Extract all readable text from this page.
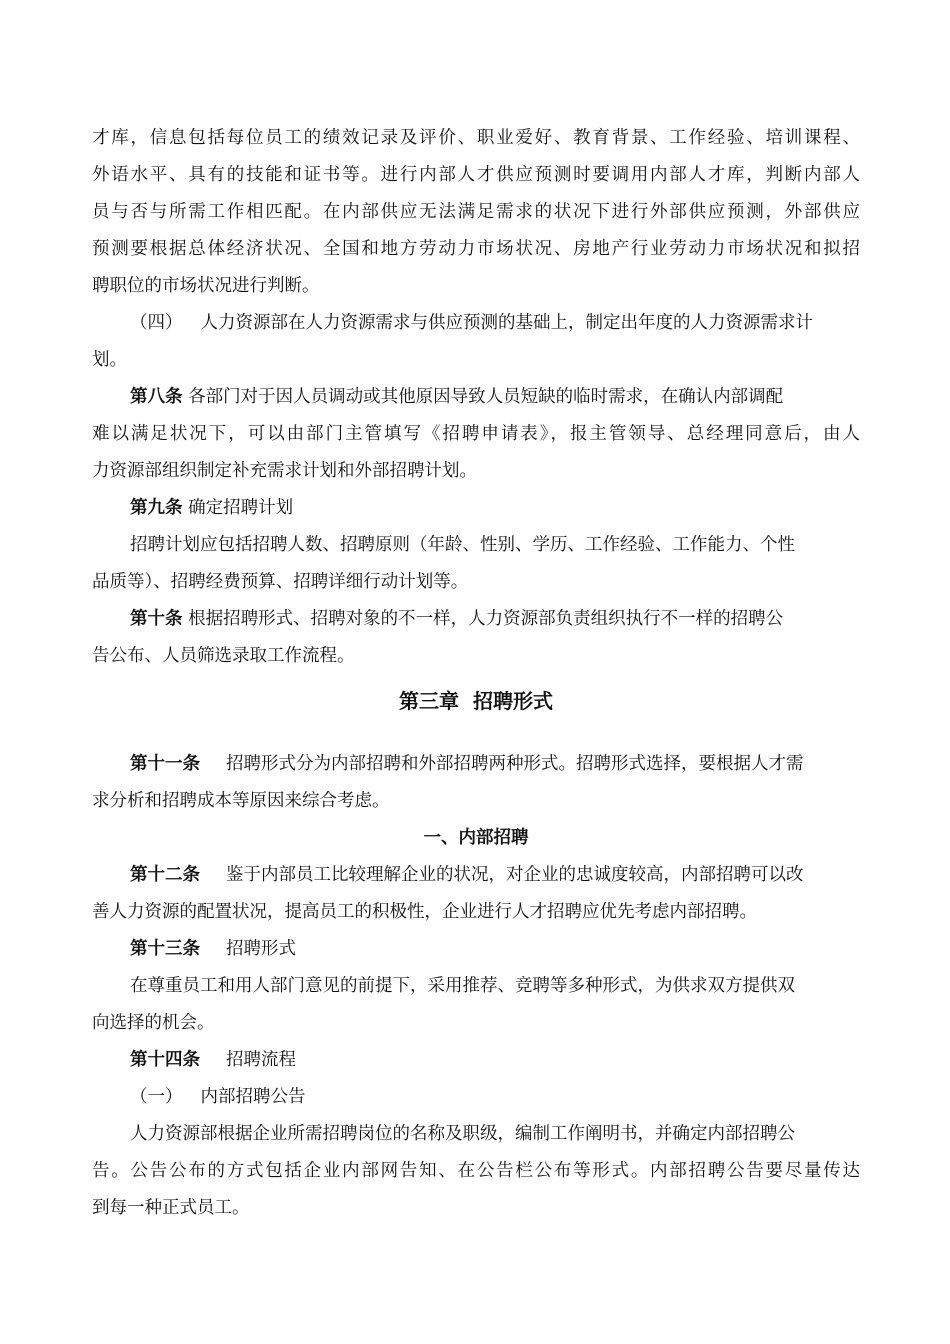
才库，信息包括每位员工的绩效记录及评价、职业爱好、教育背景、工作经验、培训课程、
外语水平、具有的技能和证书等。进行内部人才供应预测时要调用内部人才库，判断内部人
员与否与所需工作相匹配。在内部供应无法满足需求的状况下进行外部供应预测，外部供应
预测要根据总体经济状况、全国和地方劳动力市场状况、房地产行业劳动力市场状况和拟招
聘职位的市场状况进行判断。
（四） 人力资源部在人力资源需求与供应预测的基础上，制定出年度的人力资源需求计
划。
第八条 各部门对于因人员调动或其他原因导致人员短缺的临时需求，在确认内部调配
难以满足状况下，可以由部门主管填写《招聘申请表》，报主管领导、总经理同意后，由人
力资源部组织制定补充需求计划和外部招聘计划。
第九条 确定招聘计划
招聘计划应包括招聘人数、招聘原则（年龄、性别、学历、工作经验、工作能力、个性
品质等）、招聘经费预算、招聘详细行动计划等。
第十条 根据招聘形式、招聘对象的不一样，人力资源部负责组织执行不一样的招聘公
告公布、人员筛选录取工作流程。
第三章  招聘形式
第十一条 招聘形式分为内部招聘和外部招聘两种形式。招聘形式选择，要根据人才需
求分析和招聘成本等原因来综合考虑。
一、内部招聘
第十二条 鉴于内部员工比较理解企业的状况，对企业的忠诚度较高，内部招聘可以改
善人力资源的配置状况，提高员工的积极性，企业进行人才招聘应优先考虑内部招聘。
第十三条 招聘形式
在尊重员工和用人部门意见的前提下，采用推荐、竞聘等多种形式，为供求双方提供双
向选择的机会。
第十四条 招聘流程
（一） 内部招聘公告
人力资源部根据企业所需招聘岗位的名称及职级，编制工作阐明书，并确定内部招聘公
告。公告公布的方式包括企业内部网告知、在公告栏公布等形式。内部招聘公告要尽量传达
到每一种正式员工。
